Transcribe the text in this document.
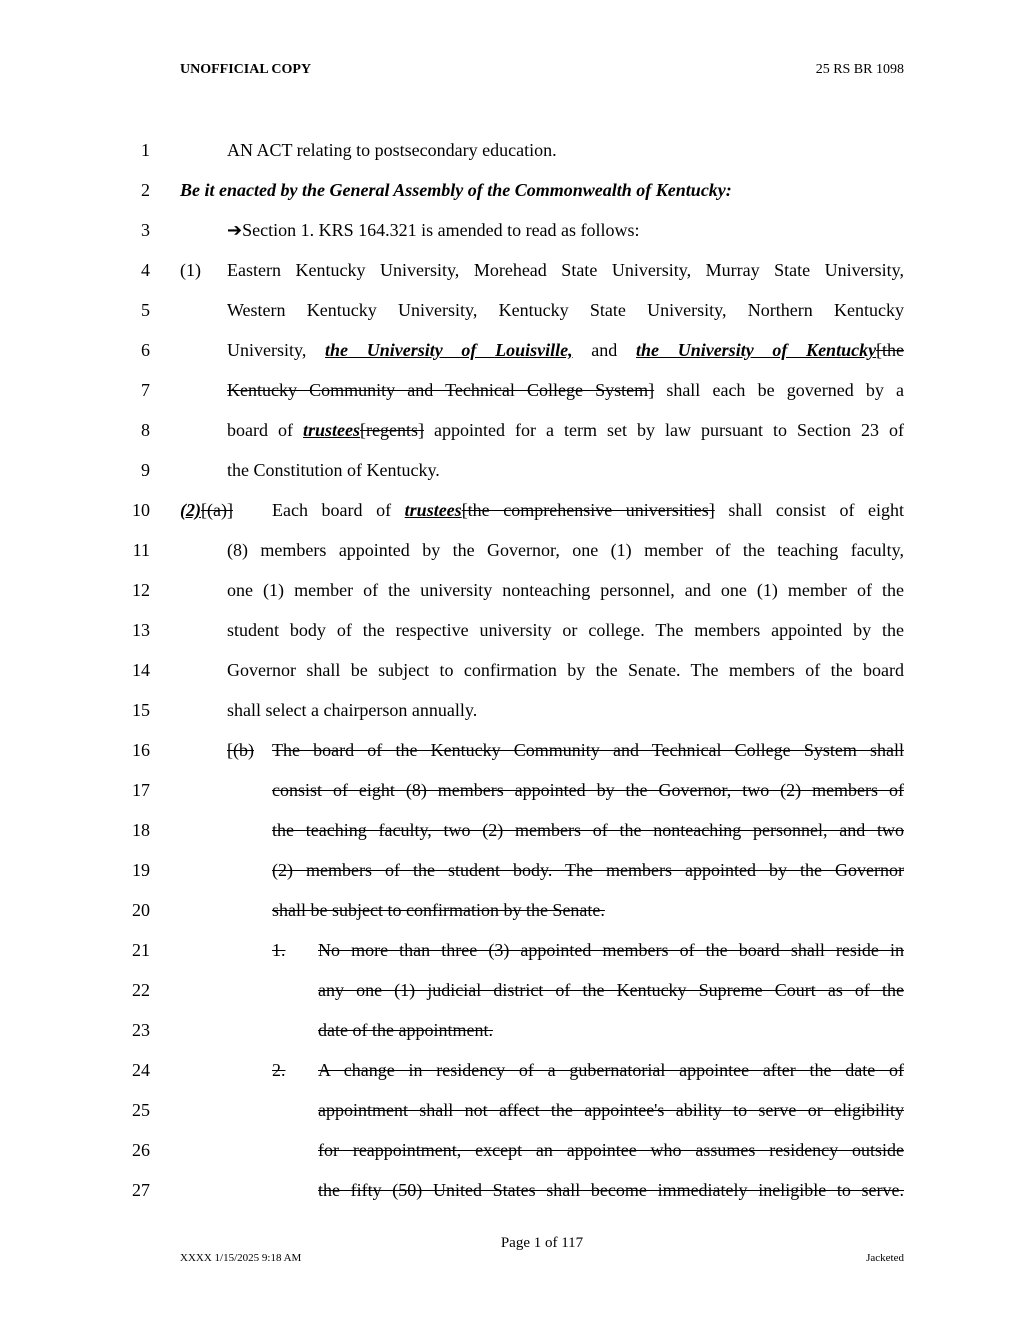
UNOFFICIAL COPY	25 RS BR 1098
1	AN ACT relating to postsecondary education.
2 Be it enacted by the General Assembly of the Commonwealth of Kentucky:
3	➔Section 1. KRS 164.321 is amended to read as follows:
4 (1) Eastern Kentucky University, Morehead State University, Murray State University,
5	Western Kentucky University, Kentucky State University, Northern Kentucky
6	University, the University of Louisville, and the University of Kentucky[the
7	Kentucky Community and Technical College System] shall each be governed by a
8	board of trustees[regents] appointed for a term set by law pursuant to Section 23 of
9	the Constitution of Kentucky.
10 (2)[(a)] Each board of trustees[the comprehensive universities] shall consist of eight
11	(8) members appointed by the Governor, one (1) member of the teaching faculty,
12	one (1) member of the university nonteaching personnel, and one (1) member of the
13	student body of the respective university or college. The members appointed by the
14	Governor shall be subject to confirmation by the Senate. The members of the board
15	shall select a chairperson annually.
16	[(b) The board of the Kentucky Community and Technical College System shall
17	consist of eight (8) members appointed by the Governor, two (2) members of
18	the teaching faculty, two (2) members of the nonteaching personnel, and two
19	(2) members of the student body. The members appointed by the Governor
20	shall be subject to confirmation by the Senate.
21	1. No more than three (3) appointed members of the board shall reside in
22	any one (1) judicial district of the Kentucky Supreme Court as of the
23	date of the appointment.
24	2. A change in residency of a gubernatorial appointee after the date of
25	appointment shall not affect the appointee's ability to serve or eligibility
26	for reappointment, except an appointee who assumes residency outside
27	the fifty (50) United States shall become immediately ineligible to serve.
Page 1 of 117
XXXX 1/15/2025 9:18 AM	Jacketed
